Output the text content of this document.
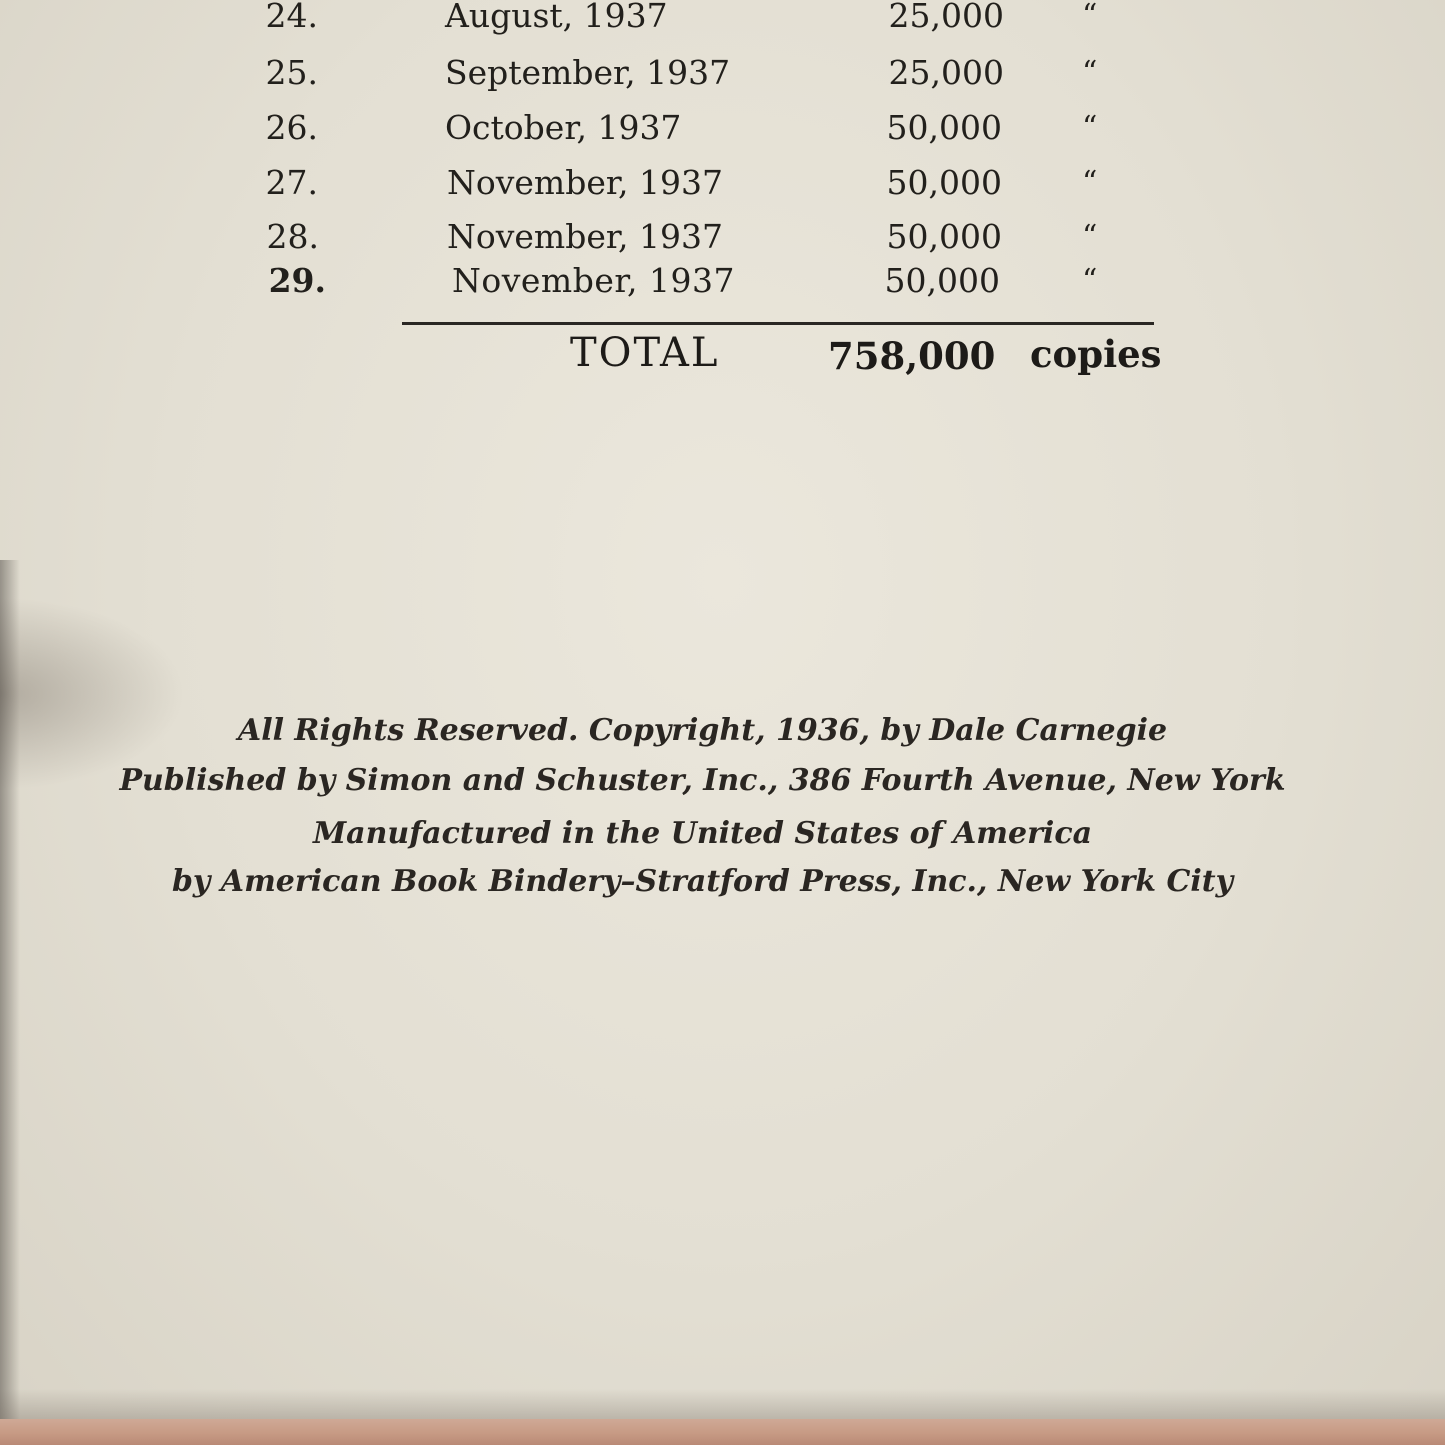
24.	August, 1937	25,000	“
25.	September, 1937	25,000	“
26.	October, 1937	50,000	“
27.	November, 1937	50,000	“
28.	November, 1937	50,000	“
29.	November, 1937	50,000	“
TOTAL	758,000 copies
All Rights Reserved. Copyright, 1936, by Dale Carnegie
Published by Simon and Schuster, Inc., 386 Fourth Avenue, New York
Manufactured in the United States of America
by American Book Bindery–Stratford Press, Inc., New York City
